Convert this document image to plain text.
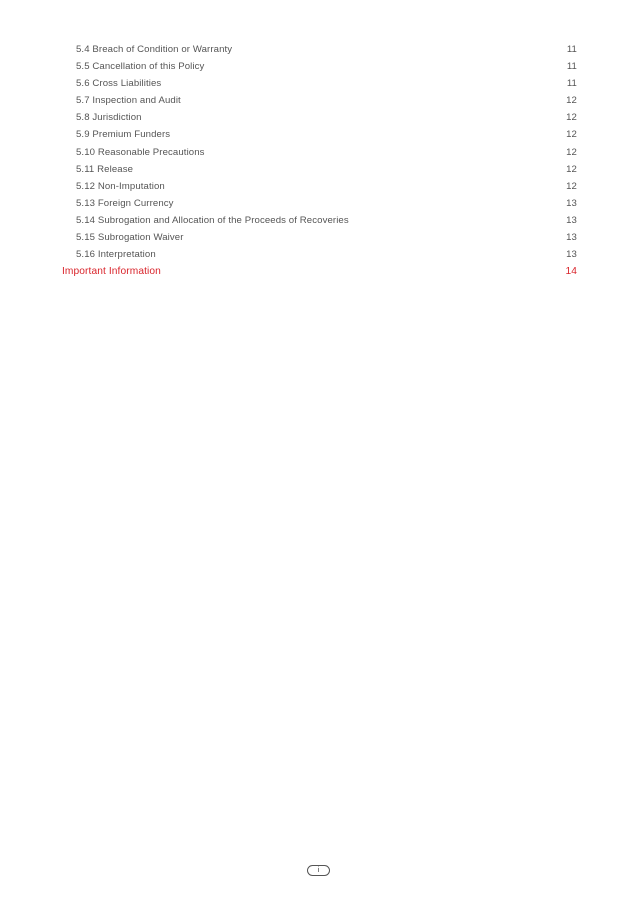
5.4 Breach of Condition or Warranty	11
5.5 Cancellation of this Policy	11
5.6 Cross Liabilities	11
5.7 Inspection and Audit	12
5.8 Jurisdiction	12
5.9 Premium Funders	12
5.10 Reasonable Precautions	12
5.11 Release	12
5.12 Non-Imputation	12
5.13 Foreign Currency	13
5.14 Subrogation and Allocation of the Proceeds of Recoveries	13
5.15 Subrogation Waiver	13
5.16 Interpretation	13
Important Information	14
i
